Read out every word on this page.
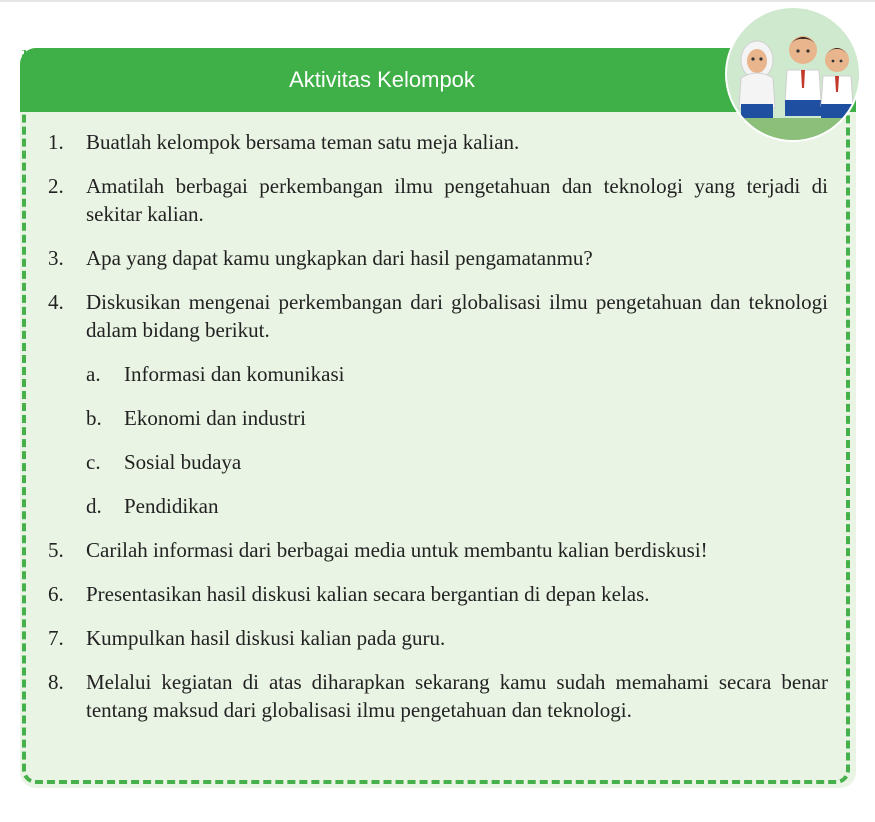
Aktivitas Kelompok
1.	Buatlah kelompok bersama teman satu meja kalian.
2.	Amatilah berbagai perkembangan ilmu pengetahuan dan teknologi yang terjadi di sekitar kalian.
3.	Apa yang dapat kamu ungkapkan dari hasil pengamatanmu?
4.	Diskusikan mengenai perkembangan dari globalisasi ilmu pengetahuan dan teknologi dalam bidang berikut.
a. Informasi dan komunikasi
b. Ekonomi dan industri
c. Sosial budaya
d. Pendidikan
5.	Carilah informasi dari berbagai media untuk membantu kalian berdiskusi!
6.	Presentasikan hasil diskusi kalian secara bergantian di depan kelas.
7.	Kumpulkan hasil diskusi kalian pada guru.
8.	Melalui kegiatan di atas diharapkan sekarang kamu sudah memahami secara benar tentang maksud dari globalisasi ilmu pengetahuan dan teknologi.
